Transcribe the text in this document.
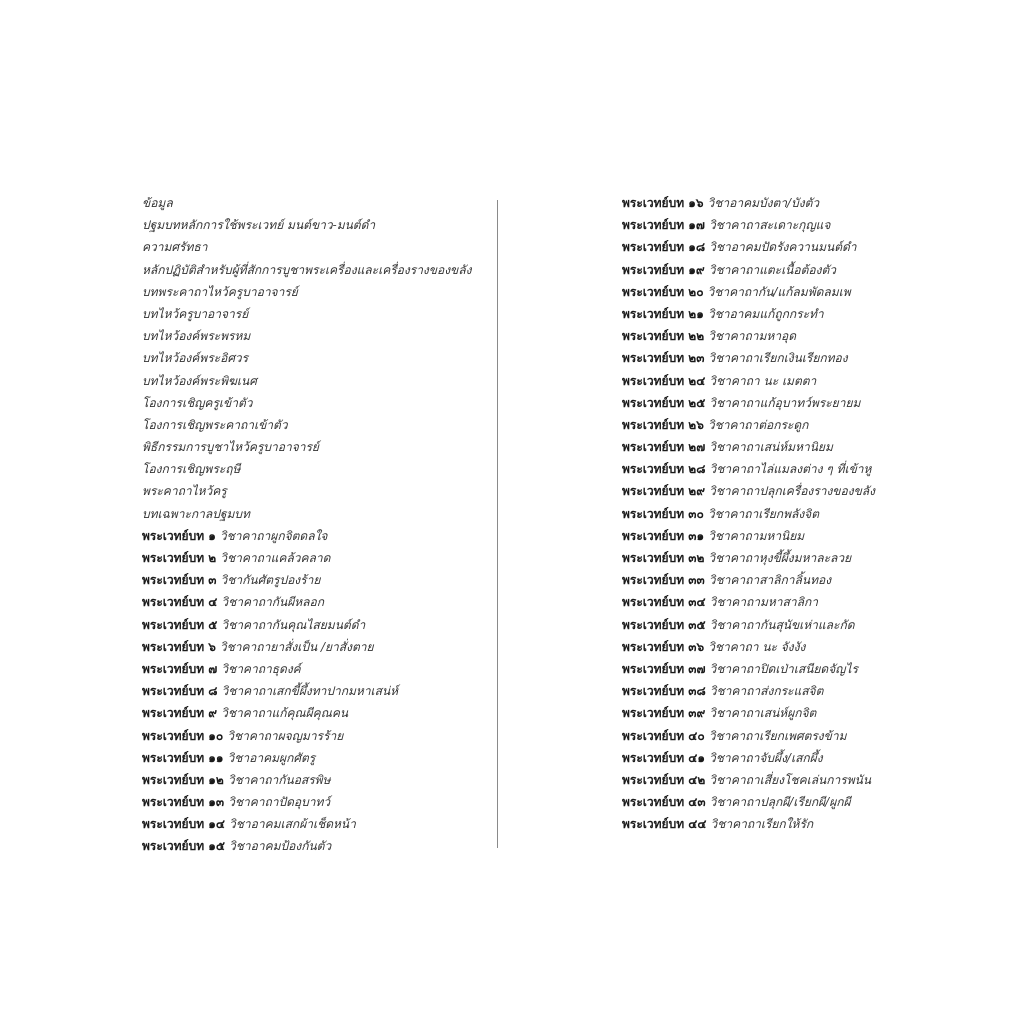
ข้อมูล
ปฐมบทหลักการใช้พระเวทย์ มนต์ขาว-มนต์ดำ
ความศรัทธา
หลักปฏิบัติสำหรับผู้ที่สักการบูชาพระเครื่องและเครื่องรางของขลัง
บทพระคาถาไหว้ครูบาอาจารย์
บทไหว้ครูบาอาจารย์
บทไหว้องค์พระพรหม
บทไหว้องค์พระอิศวร
บทไหว้องค์พระพิฆเนศ
โองการเชิญครูเข้าตัว
โองการเชิญพระคาถาเข้าตัว
พิธีกรรมการบูชาไหว้ครูบาอาจารย์
โองการเชิญพระฤษี
พระคาถาไหว้ครู
บทเฉพาะกาลปฐมบท
พระเวทย์บท ๑ วิชาคาถาผูกจิตดลใจ
พระเวทย์บท ๒ วิชาคาถาแคล้วคลาด
พระเวทย์บท ๓ วิชากันศัตรูปองร้าย
พระเวทย์บท ๔ วิชาคาถากันผีหลอก
พระเวทย์บท ๕ วิชาคาถากันคุณไสยมนต์ดำ
พระเวทย์บท ๖ วิชาคาถายาสั่งเป็น /ยาสั่งตาย
พระเวทย์บท ๗ วิชาคาถาธุดงค์
พระเวทย์บท ๘ วิชาคาถาเสกขี้ผึ้งทาปากมหาเสน่ห์
พระเวทย์บท ๙ วิชาคาถาแก้คุณผีคุณคน
พระเวทย์บท ๑๐ วิชาคาถาผจญมารร้าย
พระเวทย์บท ๑๑ วิชาอาคมผูกศัตรู
พระเวทย์บท ๑๒ วิชาคาถากันอสรพิษ
พระเวทย์บท ๑๓ วิชาคาถาปัดอุบาทว์
พระเวทย์บท ๑๔ วิชาอาคมเสกผ้าเช็ดหน้า
พระเวทย์บท ๑๕ วิชาอาคมป้องกันตัว
พระเวทย์บท ๑๖ วิชาอาคมบังตา/บังตัว
พระเวทย์บท ๑๗ วิชาคาถาสะเดาะกุญแจ
พระเวทย์บท ๑๘ วิชาอาคมปัดรังควานมนต์ดำ
พระเวทย์บท ๑๙ วิชาคาถาแตะเนื้อต้องตัว
พระเวทย์บท ๒๐ วิชาคาถากัน/แก้ลมพัดลมเพ
พระเวทย์บท ๒๑ วิชาอาคมแก้ถูกกระทำ
พระเวทย์บท ๒๒ วิชาคาถามหาอุด
พระเวทย์บท ๒๓ วิชาคาถาเรียกเงินเรียกทอง
พระเวทย์บท ๒๔ วิชาคาถา นะ เมตตา
พระเวทย์บท ๒๕ วิชาคาถาแก้อุบาทว์พระยายม
พระเวทย์บท ๒๖ วิชาคาถาต่อกระดูก
พระเวทย์บท ๒๗ วิชาคาถาเสน่ห์มหานิยม
พระเวทย์บท ๒๘ วิชาคาถาไล่แมลงต่าง ๆ ที่เข้าหู
พระเวทย์บท ๒๙ วิชาคาถาปลุกเครื่องรางของขลัง
พระเวทย์บท ๓๐ วิชาคาถาเรียกพลังจิต
พระเวทย์บท ๓๑ วิชาคาถามหานิยม
พระเวทย์บท ๓๒ วิชาคาถาหุงขี้ผึ้งมหาละลวย
พระเวทย์บท ๓๓ วิชาคาถาสาลิกาลิ้นทอง
พระเวทย์บท ๓๔ วิชาคาถามหาสาลิกา
พระเวทย์บท ๓๕ วิชาคาถากันสุนัขเห่าและกัด
พระเวทย์บท ๓๖ วิชาคาถา นะ จังงัง
พระเวทย์บท ๓๗ วิชาคาถาปิดเป่าเสนียดจัญไร
พระเวทย์บท ๓๘ วิชาคาถาส่งกระแสจิต
พระเวทย์บท ๓๙ วิชาคาถาเสน่ห์ผูกจิต
พระเวทย์บท ๔๐ วิชาคาถาเรียกเพศตรงข้าม
พระเวทย์บท ๔๑ วิชาคาถาจับผึ้ง/เสกผึ้ง
พระเวทย์บท ๔๒ วิชาคาถาเสี่ยงโชคเล่นการพนัน
พระเวทย์บท ๔๓ วิชาคาถาปลุกผี/เรียกผี/ผูกผี
พระเวทย์บท ๔๔ วิชาคาถาเรียกให้รัก
